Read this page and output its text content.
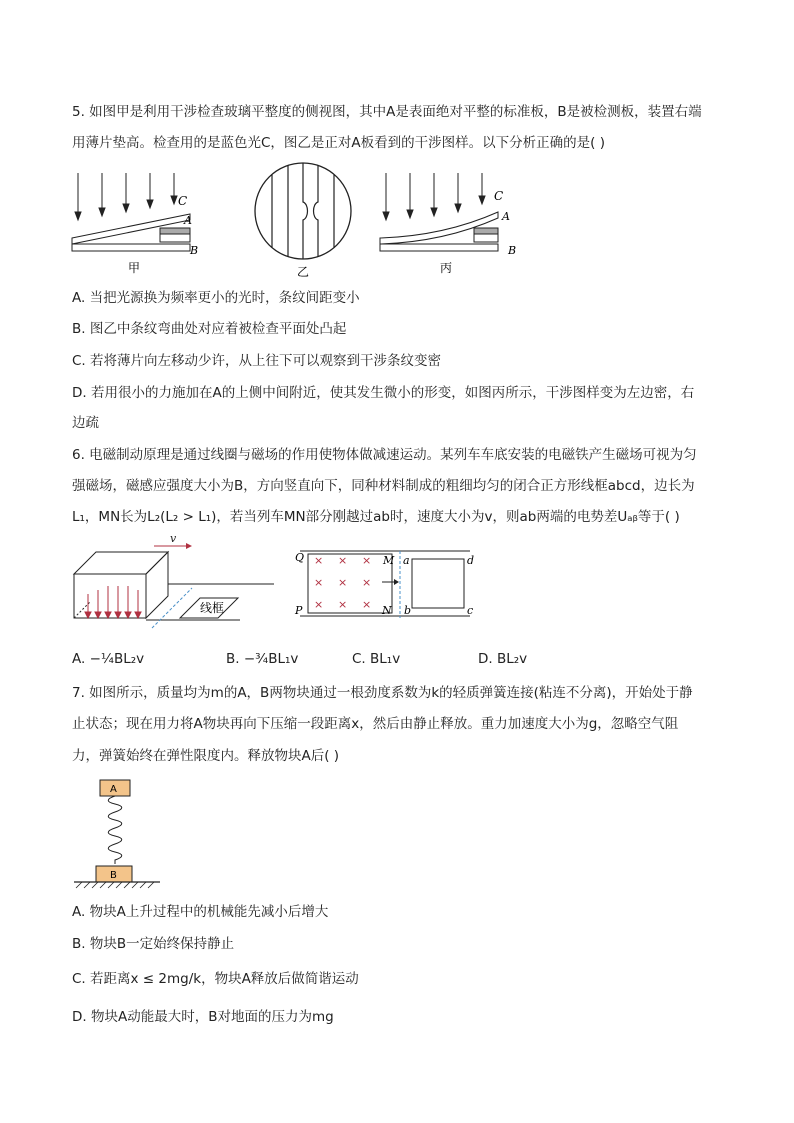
5. 如图甲是利用干涉检查玻璃平整度的侧视图，其中A是表面绝对平整的标准板，B是被检测板，装置右端
用薄片垫高。检查用的是蓝色光C，图乙是正对A板看到的干涉图样。以下分析正确的是( )
C
A
B
甲	乙
C
A
B
丙
A. 当把光源换为频率更小的光时，条纹间距变小
B. 图乙中条纹弯曲处对应着被检查平面处凸起
C. 若将薄片向左移动少许，从上往下可以观察到干涉条纹变密
D. 若用很小的力施加在A的上侧中间附近，使其发生微小的形变，如图丙所示，干涉图样变为左边密，右
边疏
6. 电磁制动原理是通过线圈与磁场的作用使物体做减速运动。某列车车底安装的电磁铁产生磁场可视为匀
强磁场，磁感应强度大小为B，方向竖直向下，同种材料制成的粗细均匀的闭合正方形线框abcd，边长为
L₁，MN长为L₂(L₂ > L₁)，若当列车MN部分刚越过ab时，速度大小为v，则ab两端的电势差Uₐᵦ等于( )
v
线框
× × ×
× × ×
× × ×
Q
P
M
N
a
b	c
d
A. −¼BL₂v	B. −¾BL₁v	C. BL₁v	D. BL₂v
7. 如图所示，质量均为m的A，B两物块通过一根劲度系数为k的轻质弹簧连接(粘连不分离)，开始处于静
止状态；现在用力将A物块再向下压缩一段距离x，然后由静止释放。重力加速度大小为g，忽略空气阻
力，弹簧始终在弹性限度内。释放物块A后( )
A
B
A. 物块A上升过程中的机械能先减小后增大
B. 物块B一定始终保持静止
C. 若距离x ≤ 2mg/k，物块A释放后做简谐运动
D. 物块A动能最大时，B对地面的压力为mg
